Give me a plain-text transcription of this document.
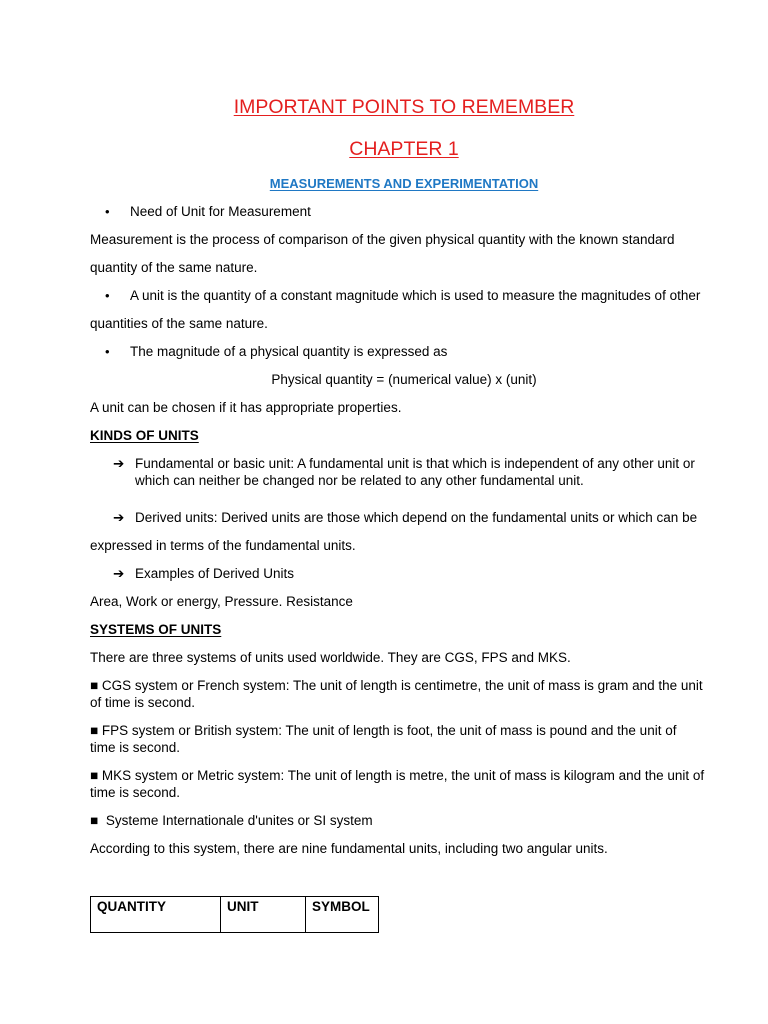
IMPORTANT POINTS TO REMEMBER
CHAPTER 1
MEASUREMENTS AND EXPERIMENTATION
• Need of Unit for Measurement
Measurement is the process of comparison of the given physical quantity with the known standard
quantity of the same nature.
• A unit is the quantity of a constant magnitude which is used to measure the magnitudes of other
quantities of the same nature.
• The magnitude of a physical quantity is expressed as
Physical quantity = (numerical value) x (unit)
A unit can be chosen if it has appropriate properties.
KINDS OF UNITS
➔ Fundamental or basic unit: A fundamental unit is that which is independent of any other unit or
which can neither be changed nor be related to any other fundamental unit.
➔ Derived units: Derived units are those which depend on the fundamental units or which can be
expressed in terms of the fundamental units.
➔ Examples of Derived Units
Area, Work or energy, Pressure. Resistance
SYSTEMS OF UNITS
There are three systems of units used worldwide. They are CGS, FPS and MKS.
■ CGS system or French system: The unit of length is centimetre, the unit of mass is gram and the unit
of time is second.
■ FPS system or British system: The unit of length is foot, the unit of mass is pound and the unit of
time is second.
■ MKS system or Metric system: The unit of length is metre, the unit of mass is kilogram and the unit of
time is second.
■ Systeme Internationale d'unites or SI system
According to this system, there are nine fundamental units, including two angular units.
QUANTITY	UNIT	SYMBOL
